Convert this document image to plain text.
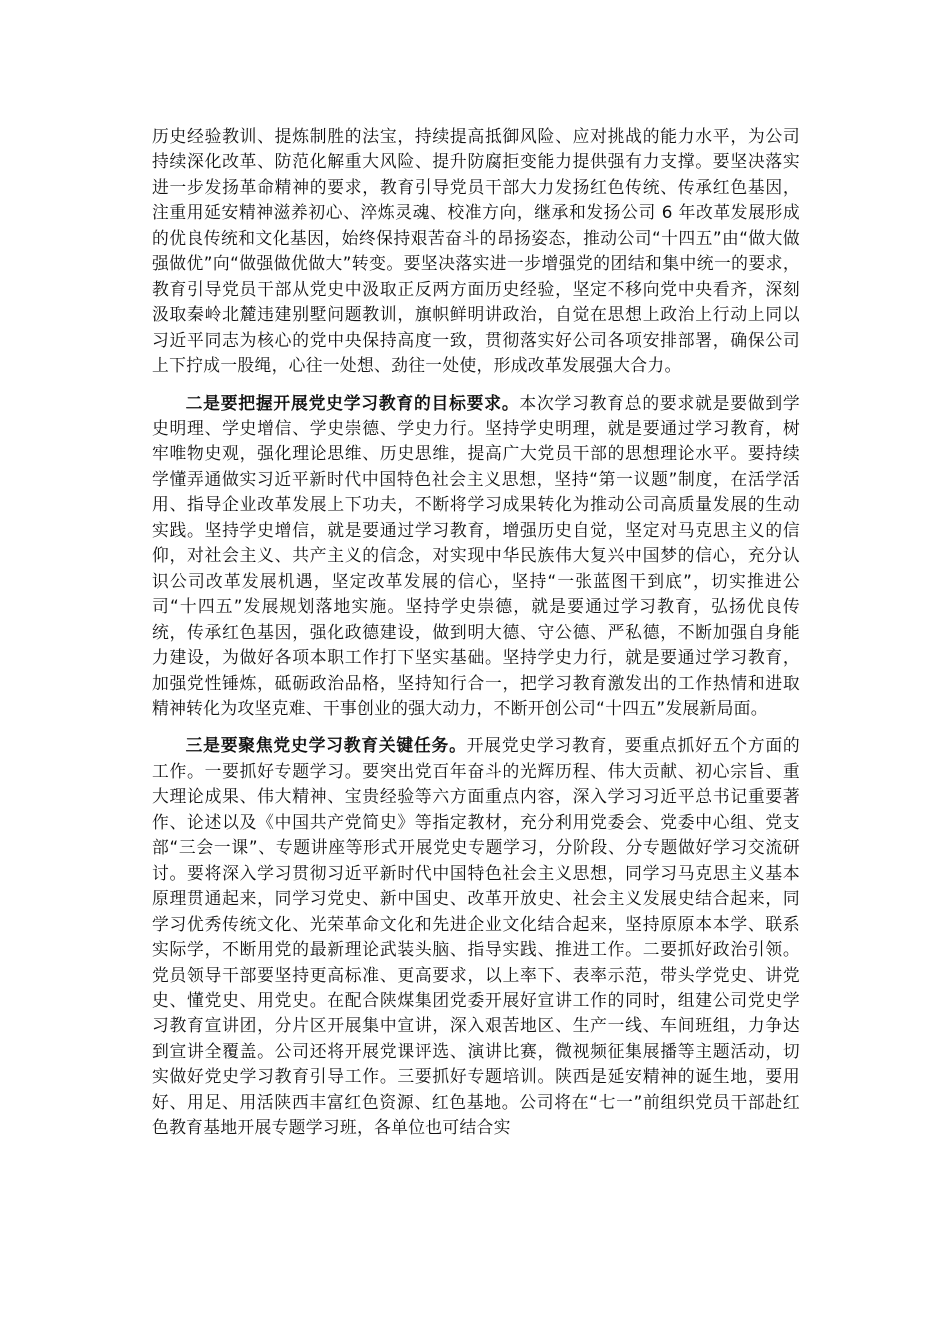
历史经验教训、提炼制胜的法宝，持续提高抵御风险、应对挑战的能力水平，为公司持续深化改革、防范化解重大风险、提升防腐拒变能力提供强有力支撑。要坚决落实进一步发扬革命精神的要求，教育引导党员干部大力发扬红色传统、传承红色基因，注重用延安精神滋养初心、淬炼灵魂、校准方向，继承和发扬公司 6 年改革发展形成的优良传统和文化基因，始终保持艰苦奋斗的昂扬姿态，推动公司“十四五”由“做大做强做优”向“做强做优做大”转变。要坚决落实进一步增强党的团结和集中统一的要求，教育引导党员干部从党史中汲取正反两方面历史经验，坚定不移向党中央看齐，深刻汲取秦岭北麓违建别墅问题教训，旗帜鲜明讲政治，自觉在思想上政治上行动上同以习近平同志为核心的党中央保持高度一致，贯彻落实好公司各项安排部署，确保公司上下拧成一股绳，心往一处想、劲往一处使，形成改革发展强大合力。

二是要把握开展党史学习教育的目标要求。本次学习教育总的要求就是要做到学史明理、学史增信、学史崇德、学史力行。坚持学史明理，就是要通过学习教育，树牢唯物史观，强化理论思维、历史思维，提高广大党员干部的思想理论水平。要持续学懂弄通做实习近平新时代中国特色社会主义思想，坚持“第一议题”制度，在活学活用、指导企业改革发展上下功夫，不断将学习成果转化为推动公司高质量发展的生动实践。坚持学史增信，就是要通过学习教育，增强历史自觉，坚定对马克思主义的信仰，对社会主义、共产主义的信念，对实现中华民族伟大复兴中国梦的信心，充分认识公司改革发展机遇，坚定改革发展的信心，坚持“一张蓝图干到底”，切实推进公司“十四五”发展规划落地实施。坚持学史崇德，就是要通过学习教育，弘扬优良传统，传承红色基因，强化政德建设，做到明大德、守公德、严私德，不断加强自身能力建设，为做好各项本职工作打下坚实基础。坚持学史力行，就是要通过学习教育，加强党性锤炼，砥砺政治品格，坚持知行合一，把学习教育激发出的工作热情和进取精神转化为攻坚克难、干事创业的强大动力，不断开创公司“十四五”发展新局面。

三是要聚焦党史学习教育关键任务。开展党史学习教育，要重点抓好五个方面的工作。一要抓好专题学习。要突出党百年奋斗的光辉历程、伟大贡献、初心宗旨、重大理论成果、伟大精神、宝贵经验等六方面重点内容，深入学习习近平总书记重要著作、论述以及《中国共产党简史》等指定教材，充分利用党委会、党委中心组、党支部“三会一课”、专题讲座等形式开展党史专题学习，分阶段、分专题做好学习交流研讨。要将深入学习贯彻习近平新时代中国特色社会主义思想，同学习马克思主义基本原理贯通起来，同学习党史、新中国史、改革开放史、社会主义发展史结合起来，同学习优秀传统文化、光荣革命文化和先进企业文化结合起来，坚持原原本本学、联系实际学，不断用党的最新理论武装头脑、指导实践、推进工作。二要抓好政治引领。党员领导干部要坚持更高标准、更高要求，以上率下、表率示范，带头学党史、讲党史、懂党史、用党史。在配合陕煤集团党委开展好宣讲工作的同时，组建公司党史学习教育宣讲团，分片区开展集中宣讲，深入艰苦地区、生产一线、车间班组，力争达到宣讲全覆盖。公司还将开展党课评选、演讲比赛，微视频征集展播等主题活动，切实做好党史学习教育引导工作。三要抓好专题培训。陕西是延安精神的诞生地，要用好、用足、用活陕西丰富红色资源、红色基地。公司将在“七一”前组织党员干部赴红色教育基地开展专题学习班，各单位也可结合实
